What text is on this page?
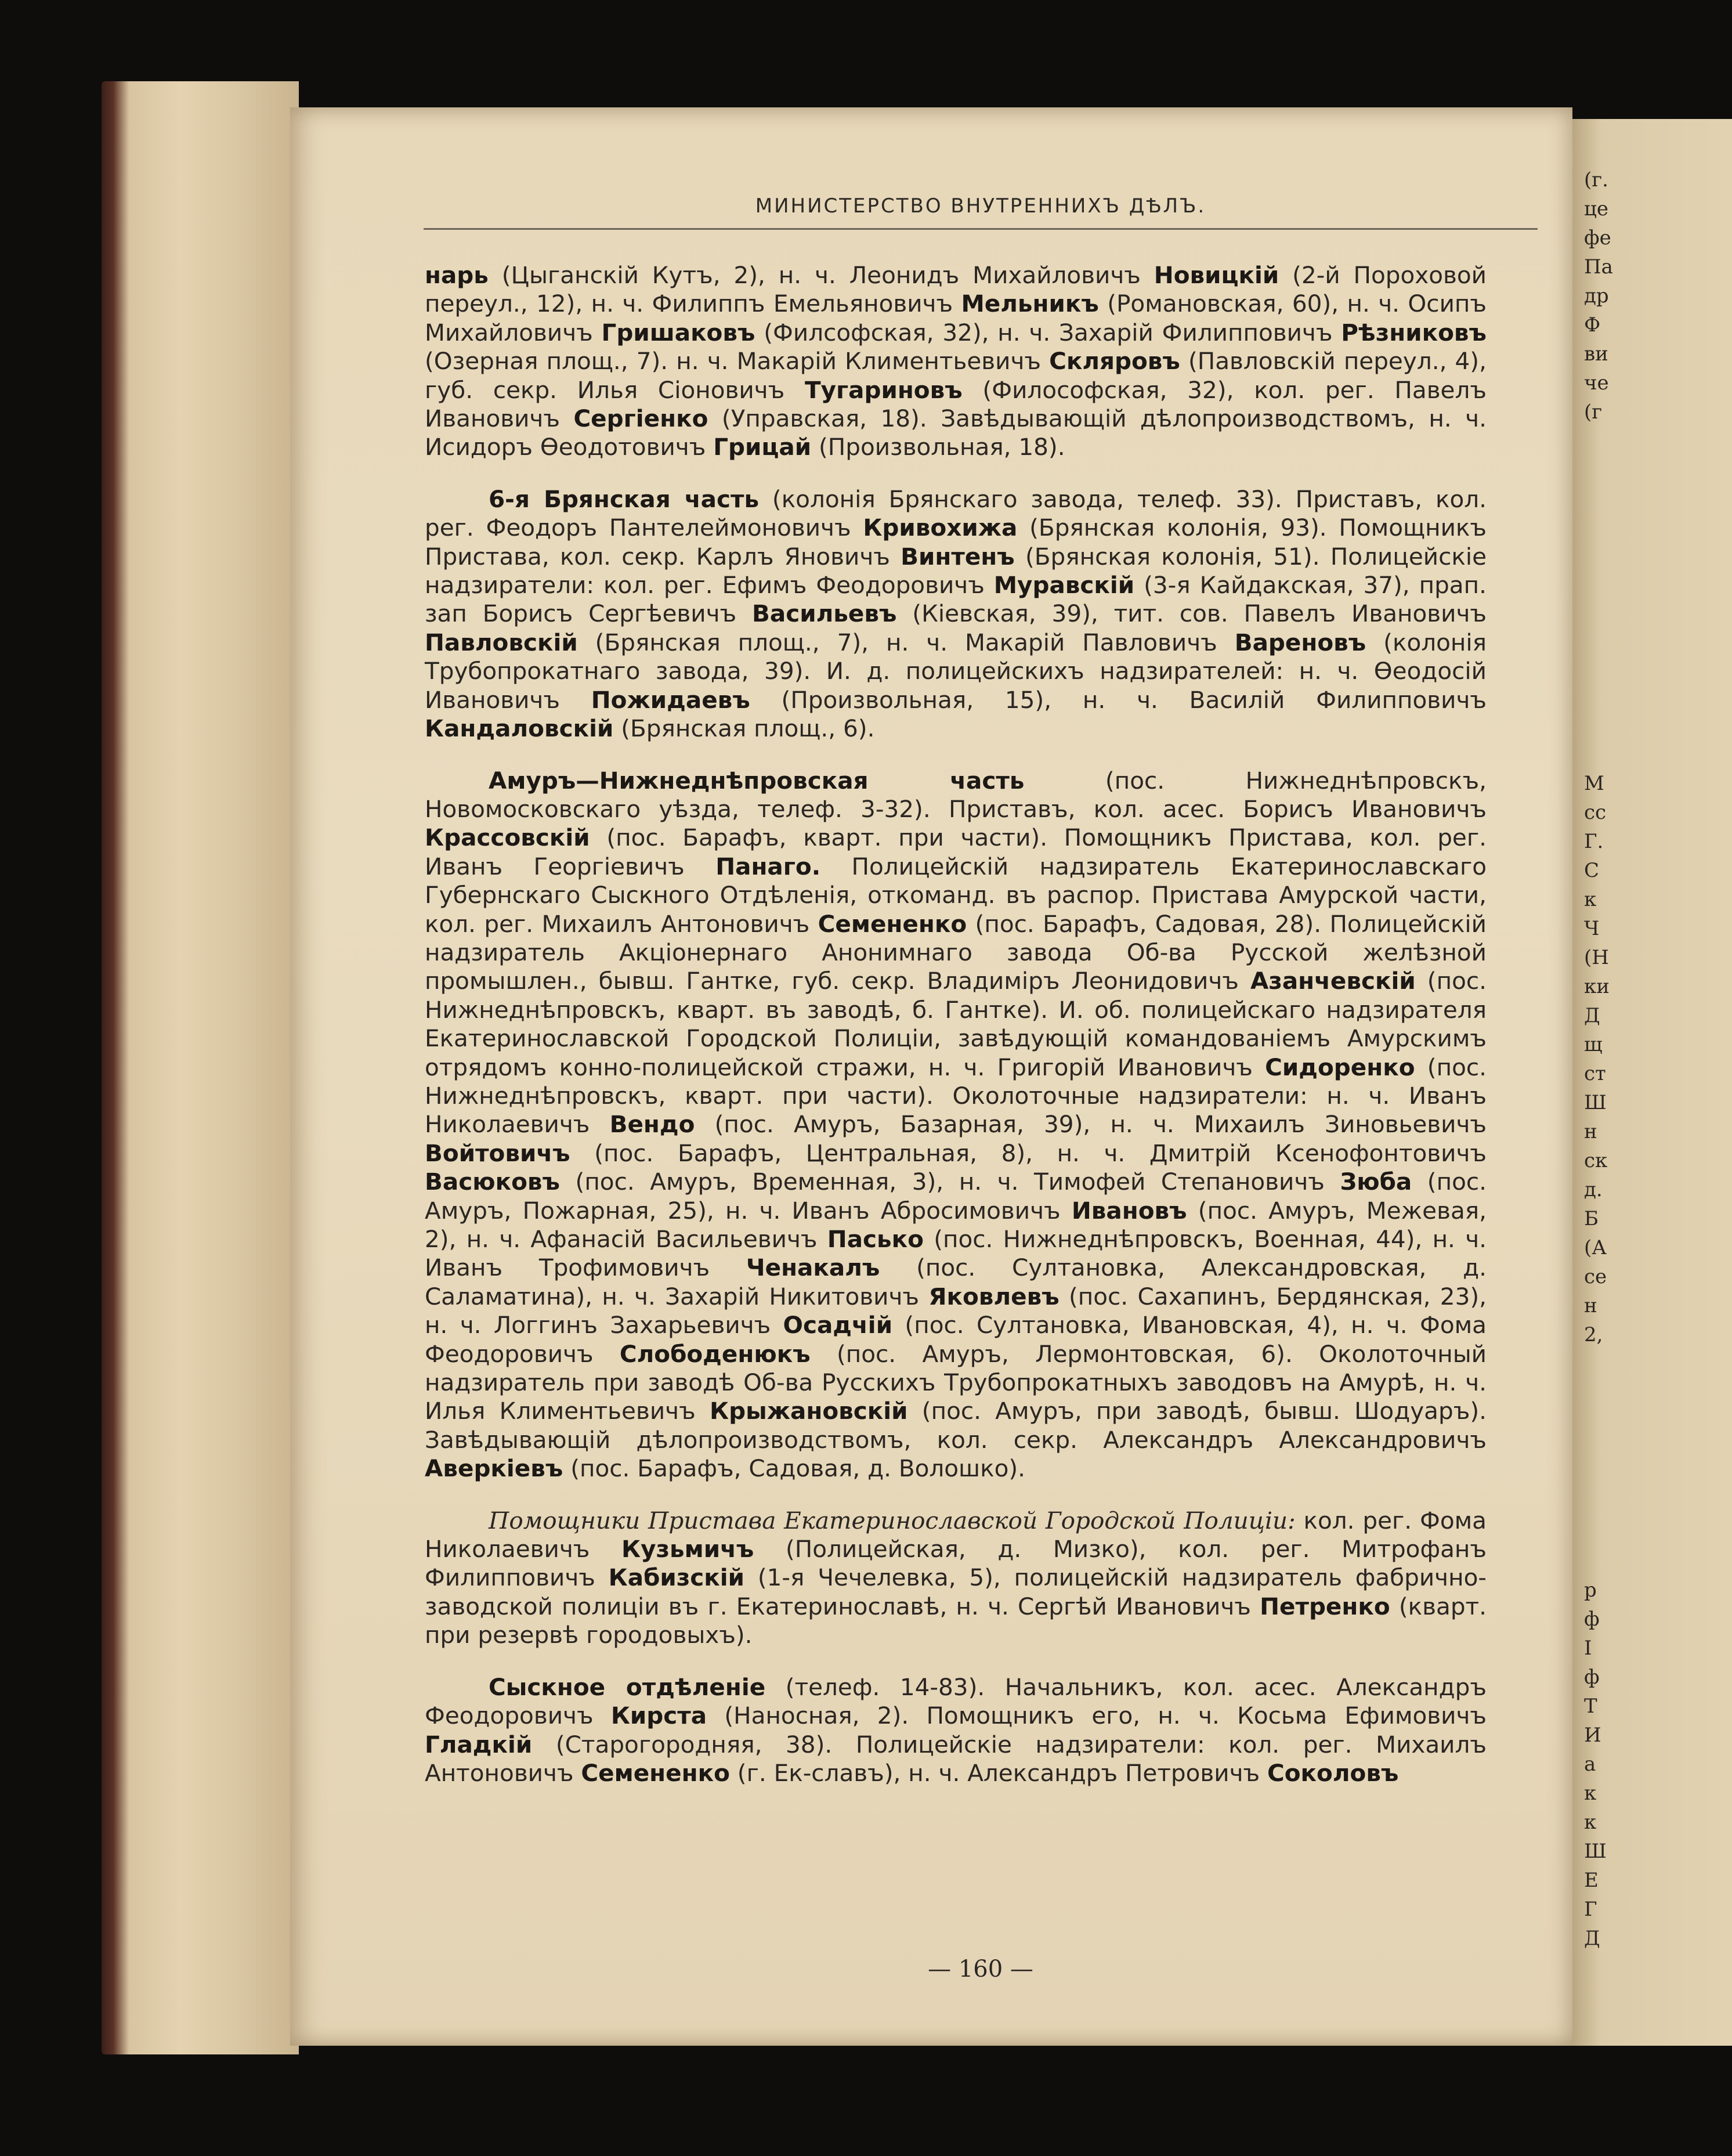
МИНИСТЕРСТВО ВНУТРЕННИХЪ ДѢЛЪ.

нарь (Цыганскій Кутъ, 2), н. ч. Леонидъ Михайловичъ Новицкій (2-й Пороховой переул., 12), н. ч. Филиппъ Емельяновичъ Мельникъ (Романовская, 60), н. ч. Осипъ Михайловичъ Гришаковъ (Филсофская, 32), н. ч. Захарій Филипповичъ Рѣзниковъ (Озерная площ., 7). н. ч. Макарій Климентьевичъ Скляровъ (Павловскій переул., 4), губ. секр. Илья Сіоновичъ Тугариновъ (Философская, 32), кол. рег. Павелъ Ивановичъ Сергіенко (Управская, 18). Завѣдывающій дѣлопроизводствомъ, н. ч. Исидоръ Ѳеодотовичъ Грицай (Произвольная, 18).

6-я Брянская часть (колонія Брянскаго завода, телеф. 33). Приставъ, кол. рег. Феодоръ Пантелеймоновичъ Кривохижа (Брянская колонія, 93). Помощникъ Пристава, кол. секр. Карлъ Яновичъ Винтенъ (Брянская колонія, 51). Полицейскіе надзиратели: кол. рег. Ефимъ Феодоровичъ Муравскій (3-я Кайдакская, 37), прап. зап Борисъ Сергѣевичъ Васильевъ (Кіевская, 39), тит. сов. Павелъ Ивановичъ Павловскій (Брянская площ., 7), н. ч. Макарій Павловичъ Вареновъ (колонія Трубопрокатнаго завода, 39). И. д. полицейскихъ надзирателей: н. ч. Ѳеодосій Ивановичъ Пожидаевъ (Произвольная, 15), н. ч. Василій Филипповичъ Кандаловскій (Брянская площ., 6).

Амуръ—Нижнеднѣпровская часть (пос. Нижнеднѣпровскъ, Новомосковскаго уѣзда, телеф. 3-32). Приставъ, кол. асес. Борисъ Ивановичъ Крассовскій (пос. Барафъ, кварт. при части). Помощникъ Пристава, кол. рег. Иванъ Георгіевичъ Панаго. Полицейскій надзиратель Екатеринославскаго Губернскаго Сыскного Отдѣленія, откоманд. въ распор. Пристава Амурской части, кол. рег. Михаилъ Антоновичъ Семененко (пос. Барафъ, Садовая, 28). Полицейскій надзиратель Акціонернаго Анонимнаго завода Об-ва Русской желѣзной промышлен., бывш. Гантке, губ. секр. Владиміръ Леонидовичъ Азанчевскій (пос. Нижнеднѣпровскъ, кварт. въ заводѣ, б. Гантке). И. об. полицейскаго надзирателя Екатеринославской Городской Полиціи, завѣдующій командованіемъ Амурскимъ отрядомъ конно-полицейской стражи, н. ч. Григорій Ивановичъ Сидоренко (пос. Нижнеднѣпровскъ, кварт. при части). Околоточные надзиратели: н. ч. Иванъ Николаевичъ Вендо (пос. Амуръ, Базарная, 39), н. ч. Михаилъ Зиновьевичъ Войтовичъ (пос. Барафъ, Центральная, 8), н. ч. Дмитрій Ксенофонтовичъ Васюковъ (пос. Амуръ, Временная, 3), н. ч. Тимофей Степановичъ Зюба (пос. Амуръ, Пожарная, 25), н. ч. Иванъ Абросимовичъ Ивановъ (пос. Амуръ, Межевая, 2), н. ч. Афанасій Васильевичъ Пасько (пос. Нижнеднѣпровскъ, Военная, 44), н. ч. Иванъ Трофимовичъ Ченакалъ (пос. Султановка, Александровская, д. Саламатина), н. ч. Захарій Никитовичъ Яковлевъ (пос. Сахапинъ, Бердянская, 23), н. ч. Логгинъ Захарьевичъ Осадчій (пос. Султановка, Ивановская, 4), н. ч. Фома Феодоровичъ Слободенюкъ (пос. Амуръ, Лермонтовская, 6). Околоточный надзиратель при заводѣ Об-ва Русскихъ Трубопрокатныхъ заводовъ на Амурѣ, н. ч. Илья Климентьевичъ Крыжановскій (пос. Амуръ, при заводѣ, бывш. Шодуаръ). Завѣдывающій дѣлопроизводствомъ, кол. секр. Александръ Александровичъ Аверкіевъ (пос. Барафъ, Садовая, д. Волошко).

Помощники Пристава Екатеринославской Городской Полиціи: кол. рег. Фома Николаевичъ Кузьмичъ (Полицейская, д. Мизко), кол. рег. Митрофанъ Филипповичъ Кабизскій (1-я Чечелевка, 5), полицейскій надзиратель фабрично-заводской полиціи въ г. Екатеринославѣ, н. ч. Сергѣй Ивановичъ Петренко (кварт. при резервѣ городовыхъ).

Сыскное отдѣленіе (телеф. 14-83). Начальникъ, кол. асес. Александръ Феодоровичъ Кирста (Наносная, 2). Помощникъ его, н. ч. Косьма Ефимовичъ Гладкій (Старогородняя, 38). Полицейскіе надзиратели: кол. рег. Михаилъ Антоновичъ Семененко (г. Ек-славъ), н. ч. Александръ Петровичъ Соколовъ

— 160 —
(г.
це
фе
Па
др
Ф
ви
че
(г
М
сс
Г.
С
к
Ч
(Н
ки
Д
щ
ст
Ш
н
ск
д.
Б
(А
се
н
2,
р
ф
I
ф
Т
И
а
к
к
Ш
Е
Г
Д
